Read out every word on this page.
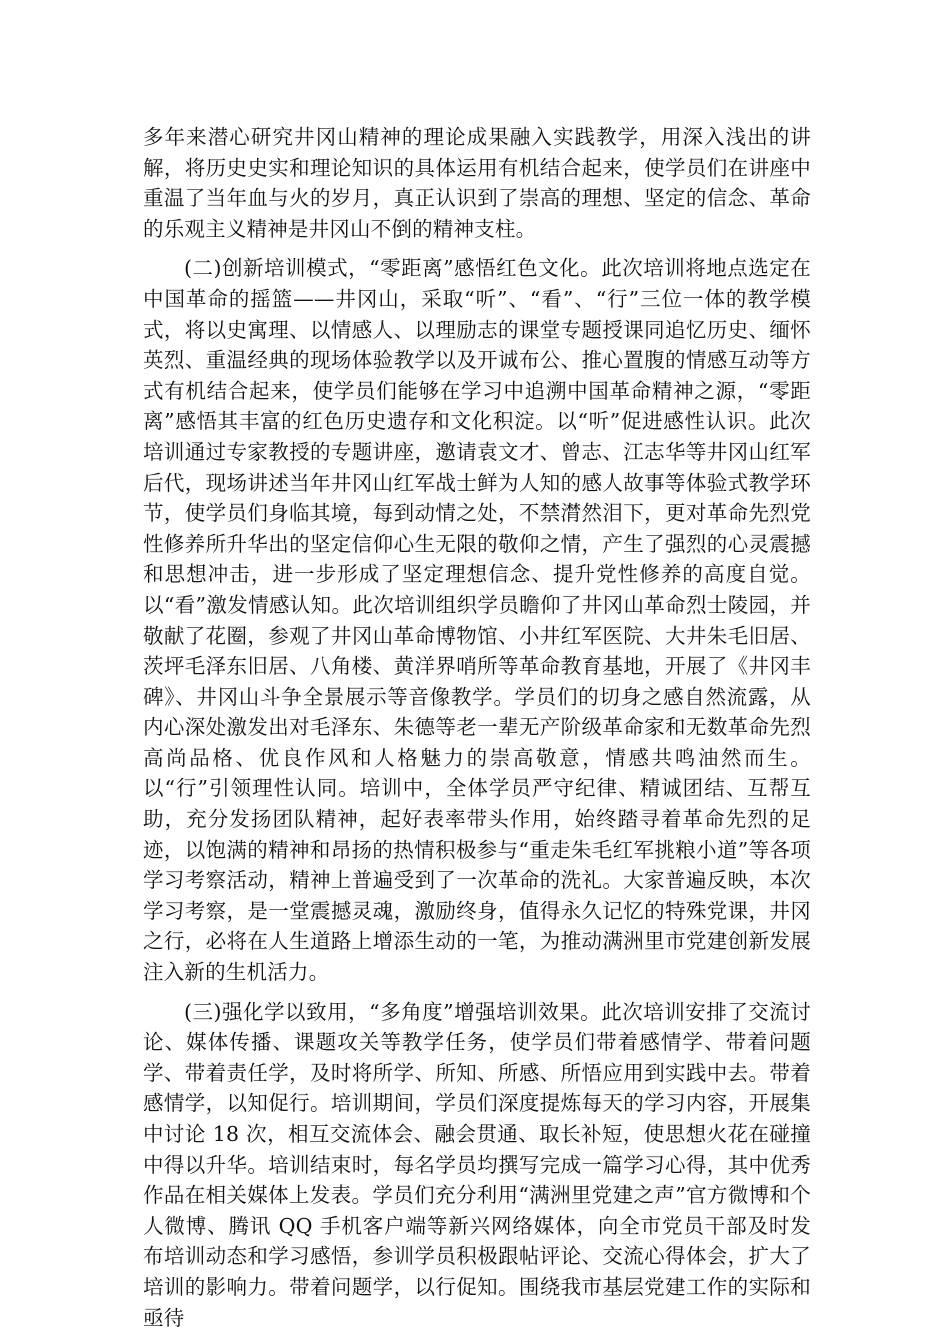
多年来潜心研究井冈山精神的理论成果融入实践教学，用深入浅出的讲解，将历史史实和理论知识的具体运用有机结合起来，使学员们在讲座中重温了当年血与火的岁月，真正认识到了崇高的理想、坚定的信念、革命的乐观主义精神是井冈山不倒的精神支柱。

(二)创新培训模式，“零距离”感悟红色文化。此次培训将地点选定在中国革命的摇篮——井冈山，采取“听”、“看”、“行”三位一体的教学模式，将以史寓理、以情感人、以理励志的课堂专题授课同追忆历史、缅怀英烈、重温经典的现场体验教学以及开诚布公、推心置腹的情感互动等方式有机结合起来，使学员们能够在学习中追溯中国革命精神之源，“零距离”感悟其丰富的红色历史遗存和文化积淀。以“听”促进感性认识。此次培训通过专家教授的专题讲座，邀请袁文才、曾志、江志华等井冈山红军后代，现场讲述当年井冈山红军战士鲜为人知的感人故事等体验式教学环节，使学员们身临其境，每到动情之处，不禁潸然泪下，更对革命先烈党性修养所升华出的坚定信仰心生无限的敬仰之情，产生了强烈的心灵震撼和思想冲击，进一步形成了坚定理想信念、提升党性修养的高度自觉。以“看”激发情感认知。此次培训组织学员瞻仰了井冈山革命烈士陵园，并敬献了花圈，参观了井冈山革命博物馆、小井红军医院、大井朱毛旧居、茨坪毛泽东旧居、八角楼、黄洋界哨所等革命教育基地，开展了《井冈丰碑》、井冈山斗争全景展示等音像教学。学员们的切身之感自然流露，从内心深处激发出对毛泽东、朱德等老一辈无产阶级革命家和无数革命先烈高尚品格、优良作风和人格魅力的崇高敬意，情感共鸣油然而生。以“行”引领理性认同。培训中，全体学员严守纪律、精诚团结、互帮互助，充分发扬团队精神，起好表率带头作用，始终踏寻着革命先烈的足迹，以饱满的精神和昂扬的热情积极参与“重走朱毛红军挑粮小道”等各项学习考察活动，精神上普遍受到了一次革命的洗礼。大家普遍反映，本次学习考察，是一堂震撼灵魂，激励终身，值得永久记忆的特殊党课，井冈之行，必将在人生道路上增添生动的一笔，为推动满洲里市党建创新发展注入新的生机活力。

(三)强化学以致用，“多角度”增强培训效果。此次培训安排了交流讨论、媒体传播、课题攻关等教学任务，使学员们带着感情学、带着问题学、带着责任学，及时将所学、所知、所感、所悟应用到实践中去。带着感情学，以知促行。培训期间，学员们深度提炼每天的学习内容，开展集中讨论 18 次，相互交流体会、融会贯通、取长补短，使思想火花在碰撞中得以升华。培训结束时，每名学员均撰写完成一篇学习心得，其中优秀作品在相关媒体上发表。学员们充分利用“满洲里党建之声”官方微博和个人微博、腾讯 QQ 手机客户端等新兴网络媒体，向全市党员干部及时发布培训动态和学习感悟，参训学员积极跟帖评论、交流心得体会，扩大了培训的影响力。带着问题学，以行促知。围绕我市基层党建工作的实际和亟待
